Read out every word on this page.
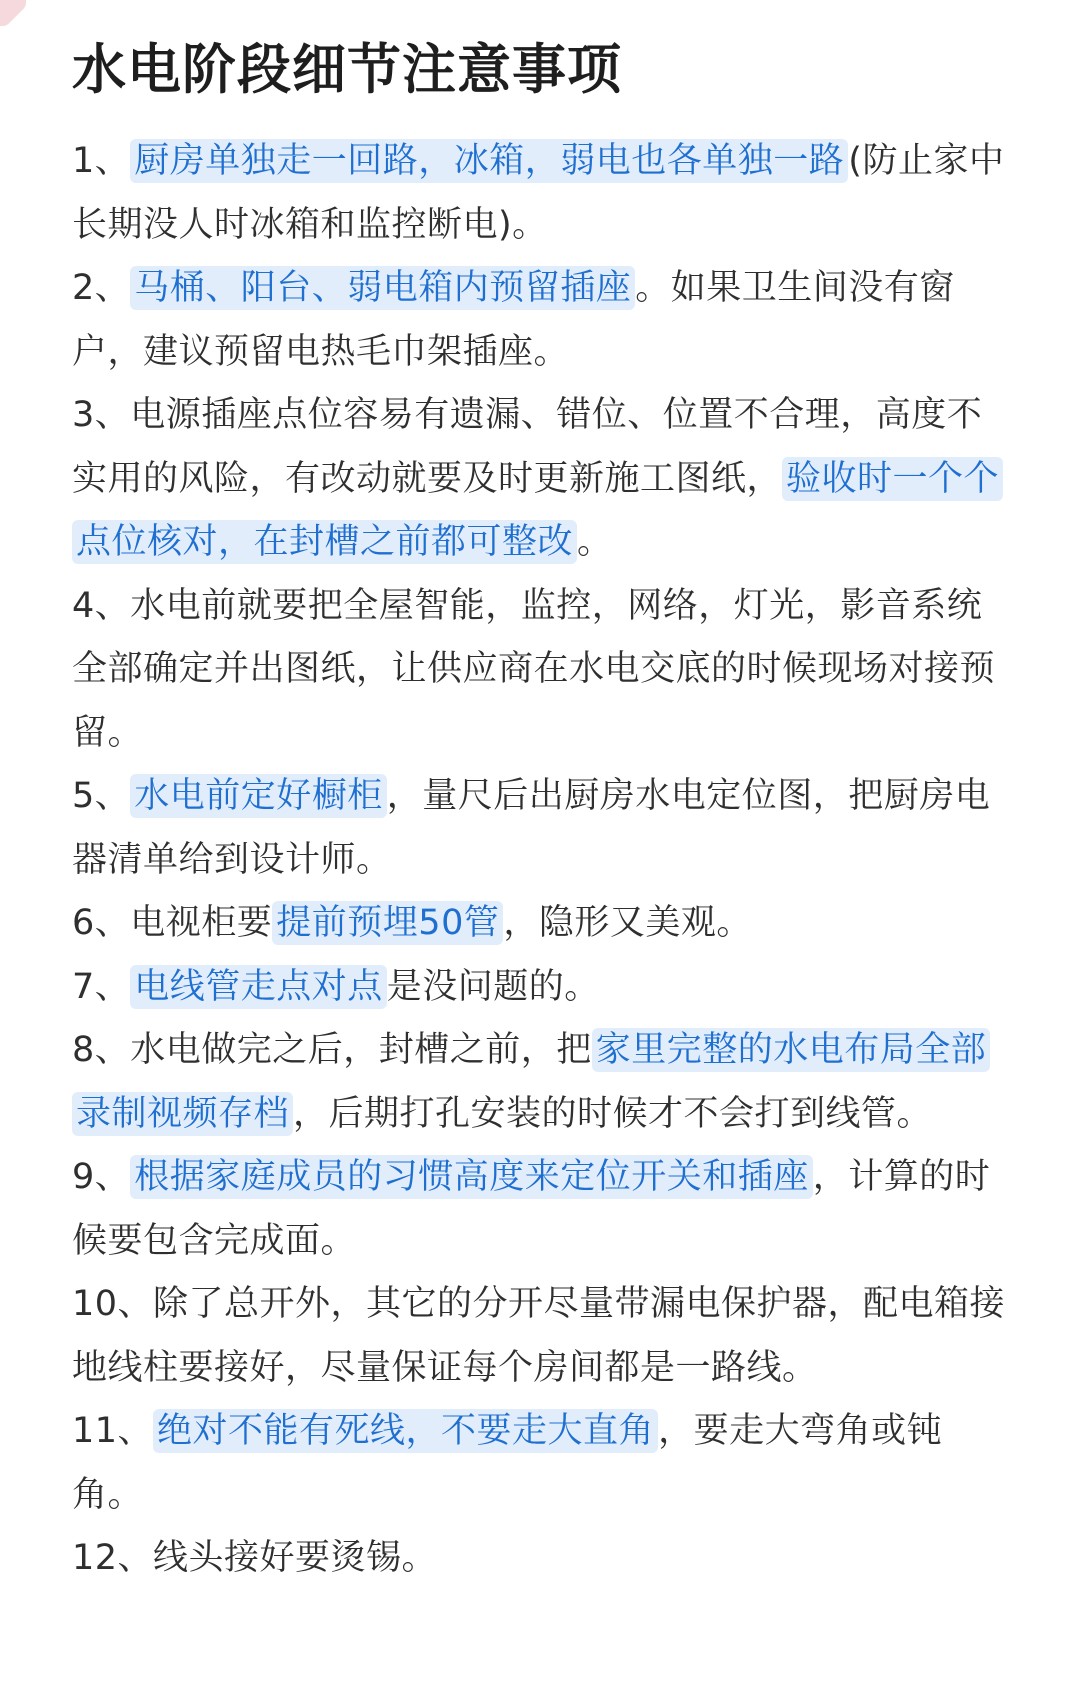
水电阶段细节注意事项

1、 厨房单独走一回路，冰箱，弱电也各单独一路 (防止家中长期没人时冰箱和监控断电)。

2、 马桶、阳台、弱电箱内预留插座 。如果卫生间没有窗户，建议预留电热毛巾架插座。

3、电源插座点位容易有遗漏、错位、位置不合理，高度不实用的风险，有改动就要及时更新施工图纸， 验收时一个个点位核对，在封槽之前都可整改 。

4、水电前就要把全屋智能，监控，网络，灯光，影音系统全部确定并出图纸，让供应商在水电交底的时候现场对接预留。

5、 水电前定好橱柜 ，量尺后出厨房水电定位图，把厨房电器清单给到设计师。

6、电视柜要 提前预埋50管 ，隐形又美观。

7、 电线管走点对点 是没问题的。

8、水电做完之后，封槽之前，把 家里完整的水电布局全部录制视频存档 ，后期打孔安装的时候才不会打到线管。

9、 根据家庭成员的习惯高度来定位开关和插座 ，计算的时候要包含完成面。

10、除了总开外，其它的分开尽量带漏电保护器，配电箱接地线柱要接好，尽量保证每个房间都是一路线。

11、 绝对不能有死线，不要走大直角 ，要走大弯角或钝角。

12、线头接好要烫锡。
